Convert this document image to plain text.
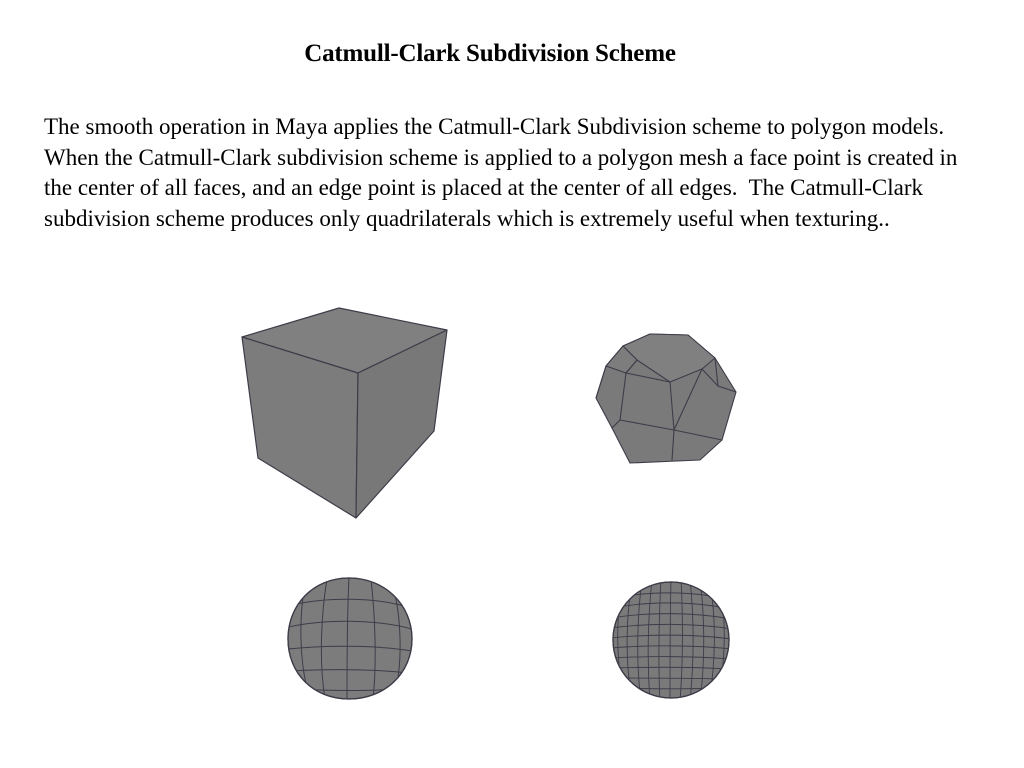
Catmull-Clark Subdivision Scheme
The smooth operation in Maya applies the Catmull-Clark Subdivision scheme to polygon models.  When the Catmull-Clark subdivision scheme is applied to a polygon mesh a face point is created in the center of all faces, and an edge point is placed at the center of all edges.  The Catmull-Clark subdivision scheme produces only quadrilaterals which is extremely useful when texturing..
